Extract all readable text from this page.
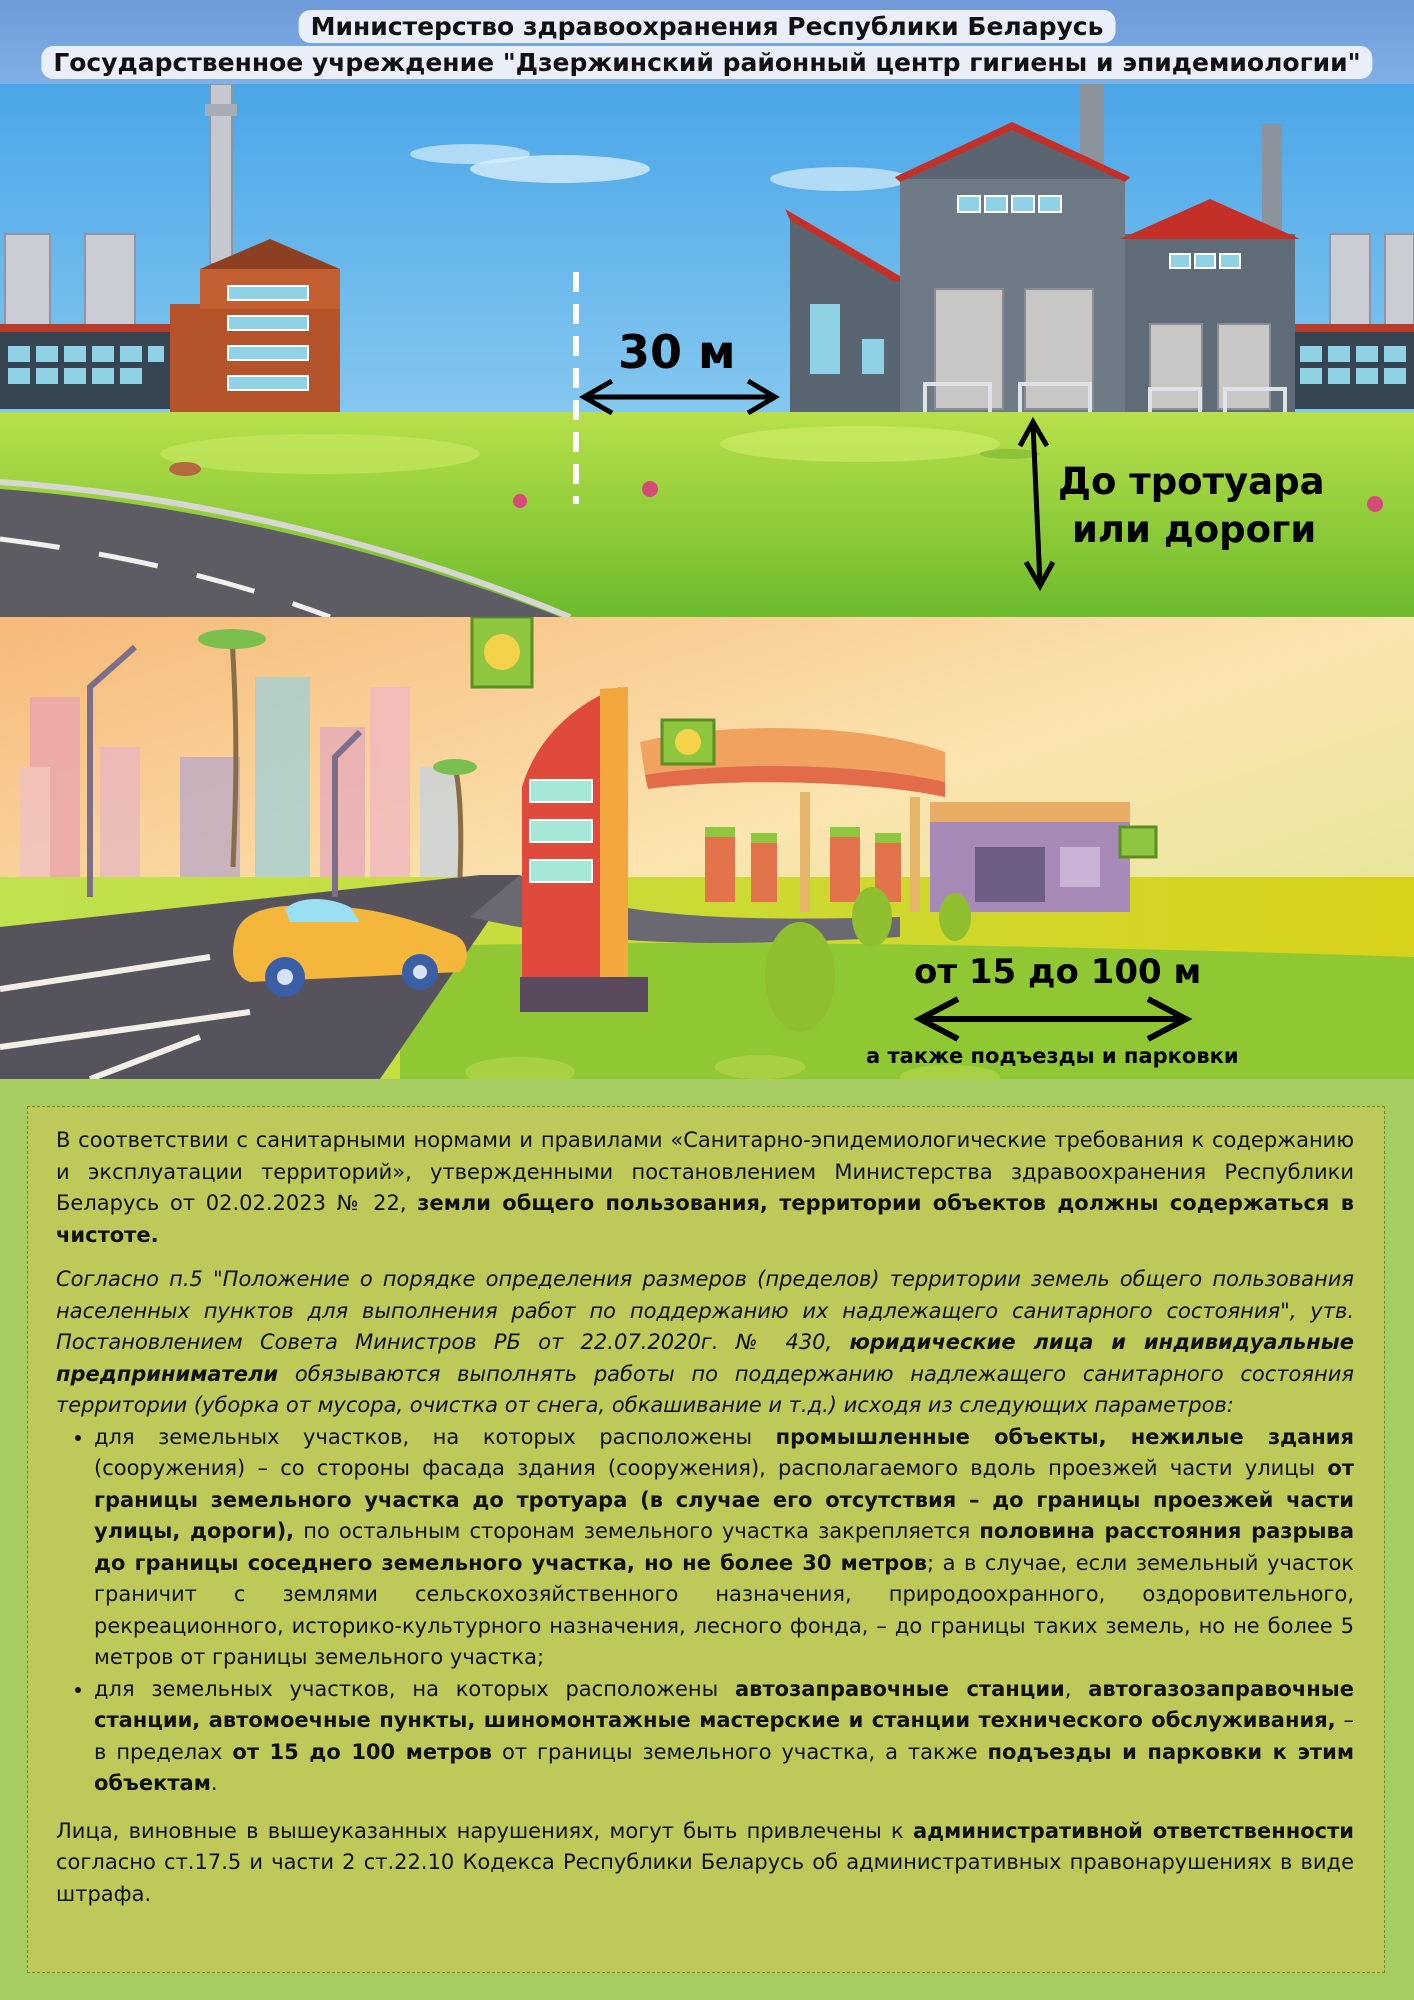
Министерство здравоохранения Республики Беларусь
Государственное учреждение "Дзержинский районный центр гигиены и эпидемиологии"
30 м
До тротуара
или дороги
от 15 до 100 м
а также подъезды и парковки

В соответствии с санитарными нормами и правилами «Санитарно-эпидемиологические требования к содержанию и эксплуатации территорий», утвержденными постановлением Министерства здравоохранения Республики Беларусь от 02.02.2023 № 22, земли общего пользования, территории объектов должны содержаться в чистоте.

Согласно п.5 "Положение о порядке определения размеров (пределов) территории земель общего пользования населенных пунктов для выполнения работ по поддержанию их надлежащего санитарного состояния", утв. Постановлением Совета Министров РБ от 22.07.2020г. № 430, юридические лица и индивидуальные предприниматели обязываются выполнять работы по поддержанию надлежащего санитарного состояния территории (уборка от мусора, очистка от снега, обкашивание и т.д.) исходя из следующих параметров:

• для земельных участков, на которых расположены промышленные объекты, нежилые здания (сооружения) – со стороны фасада здания (сооружения), располагаемого вдоль проезжей части улицы от границы земельного участка до тротуара (в случае его отсутствия – до границы проезжей части улицы, дороги), по остальным сторонам земельного участка закрепляется половина расстояния разрыва до границы соседнего земельного участка, но не более 30 метров; а в случае, если земельный участок граничит с землями сельскохозяйственного назначения, природоохранного, оздоровительного, рекреационного, историко-культурного назначения, лесного фонда, – до границы таких земель, но не более 5 метров от границы земельного участка;
• для земельных участков, на которых расположены автозаправочные станции, автогазозаправочные станции, автомоечные пункты, шиномонтажные мастерские и станции технического обслуживания, – в пределах от 15 до 100 метров от границы земельного участка, а также подъезды и парковки к этим объектам.

Лица, виновные в вышеуказанных нарушениях, могут быть привлечены к административной ответственности согласно ст.17.5 и части 2 ст.22.10 Кодекса Республики Беларусь об административных правонарушениях в виде штрафа.
